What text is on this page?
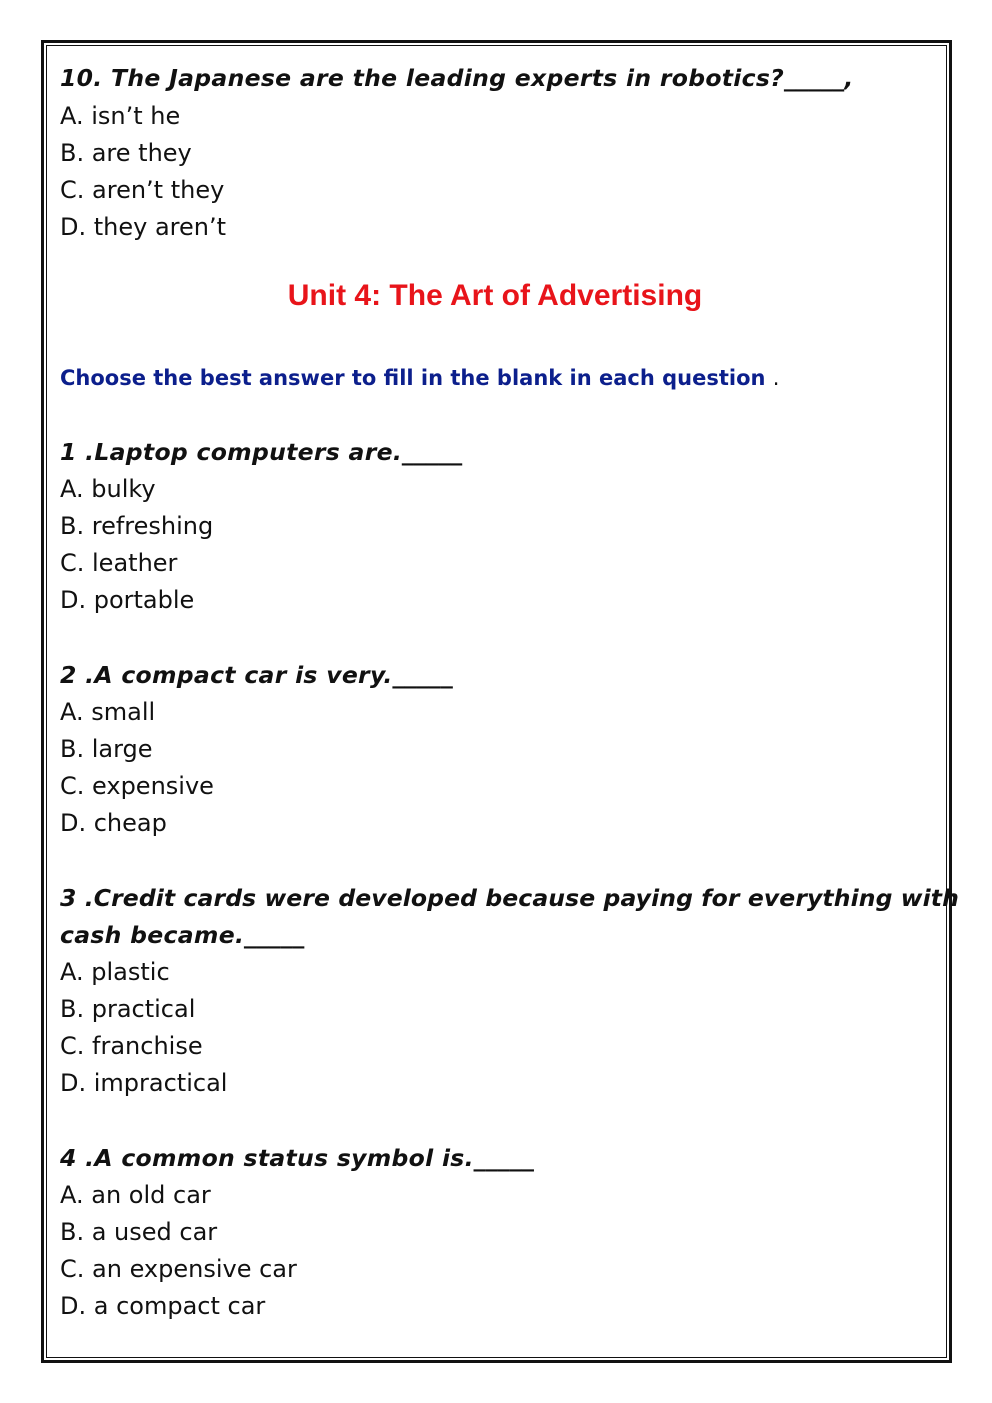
10. The Japanese are the leading experts in robotics?_____,
A. isn’t he
B. are they
C. aren’t they
D. they aren’t
Unit 4: The Art of Advertising
Choose the best answer to fill in the blank in each question .
1 .Laptop computers are._____
A. bulky
B. refreshing
C. leather
D. portable
2 .A compact car is very._____
A. small
B. large
C. expensive
D. cheap
3 .Credit cards were developed because paying for everything with
cash became._____
A. plastic
B. practical
C. franchise
D. impractical
4 .A common status symbol is._____
A. an old car
B. a used car
C. an expensive car
D. a compact car
